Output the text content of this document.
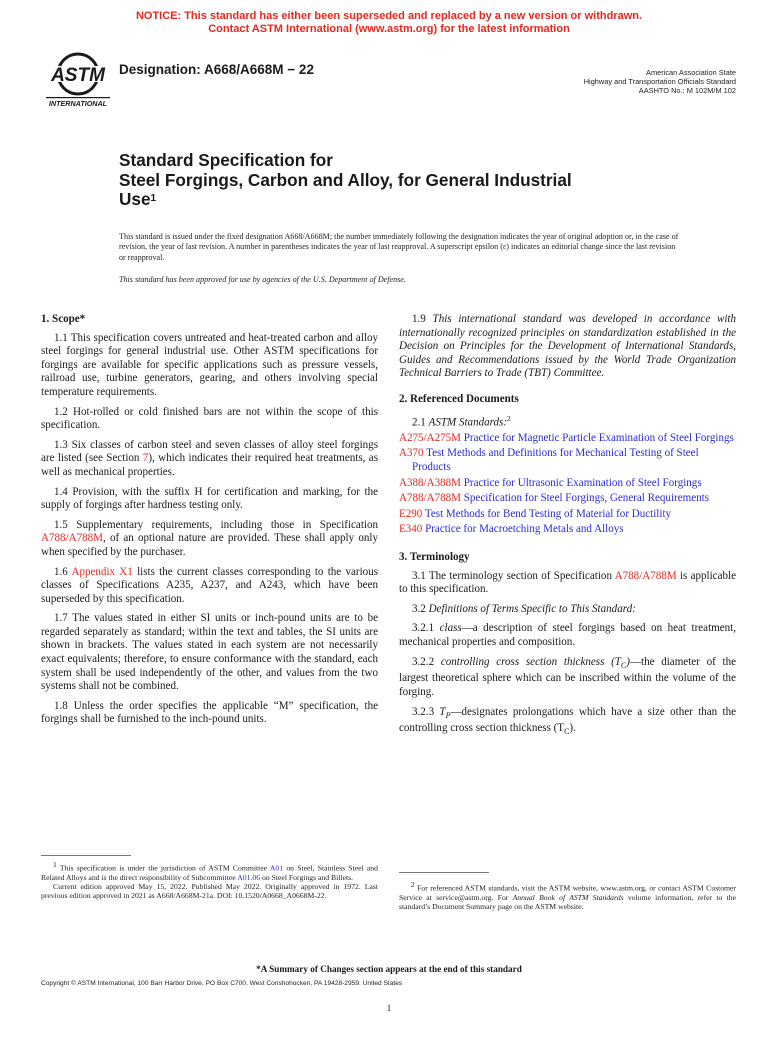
NOTICE: This standard has either been superseded and replaced by a new version or withdrawn.
Contact ASTM International (www.astm.org) for the latest information
ASTM
INTERNATIONAL
Designation: A668/A668M − 22	American Association State
Highway and Transportation Officials Standard
AASHTO No.: M 102M/M 102
Standard Specification for
Steel Forgings, Carbon and Alloy, for General Industrial
Use$^1$
This standard is issued under the fixed designation A668/A668M; the number immediately following the designation indicates the year of original adoption or, in the case of revision, the year of last revision. A number in parentheses indicates the year of last reapproval. A superscript epsilon (ε) indicates an editorial change since the last revision or reapproval.
This standard has been approved for use by agencies of the U.S. Department of Defense.
1. Scope*

1.1 This specification covers untreated and heat-treated carbon and alloy steel forgings for general industrial use. Other ASTM specifications for forgings are available for specific applications such as pressure vessels, railroad use, turbine generators, gearing, and others involving special temperature requirements.

1.2 Hot-rolled or cold finished bars are not within the scope of this specification.

1.3 Six classes of carbon steel and seven classes of alloy steel forgings are listed (see Section 7), which indicates their required heat treatments, as well as mechanical properties.

1.4 Provision, with the suffix H for certification and marking, for the supply of forgings after hardness testing only.

1.5 Supplementary requirements, including those in Specification A788/A788M, of an optional nature are provided. These shall apply only when specified by the purchaser.

1.6 Appendix X1 lists the current classes corresponding to the various classes of Specifications A235, A237, and A243, which have been superseded by this specification.

1.7 The values stated in either SI units or inch-pound units are to be regarded separately as standard; within the text and tables, the SI units are shown in brackets. The values stated in each system are not necessarily exact equivalents; therefore, to ensure conformance with the standard, each system shall be used independently of the other, and values from the two systems shall not be combined.

1.8 Unless the order specifies the applicable “M” specification, the forgings shall be furnished to the inch-pound units.

1.9 This international standard was developed in accordance with internationally recognized principles on standardization established in the Decision on Principles for the Development of International Standards, Guides and Recommendations issued by the World Trade Organization Technical Barriers to Trade (TBT) Committee.

2. Referenced Documents

2.1 ASTM Standards:$^2$

A275/A275M Practice for Magnetic Particle Examination of Steel Forgings
A370 Test Methods and Definitions for Mechanical Testing of Steel Products
A388/A388M Practice for Ultrasonic Examination of Steel Forgings
A788/A788M Specification for Steel Forgings, General Requirements
E290 Test Methods for Bend Testing of Material for Ductility
E340 Practice for Macroetching Metals and Alloys
3. Terminology

3.1 The terminology section of Specification A788/A788M is applicable to this specification.

3.2 Definitions of Terms Specific to This Standard:

3.2.1 class—a description of steel forgings based on heat treatment, mechanical properties and composition.

3.2.2 controlling cross section thickness $(T_C)—the$ diameter of the largest theoretical sphere which can be inscribed within the volume of the forging.

3.2.3 $T_P—designates$ prolongations which have a size other than the controlling cross section thickness $(T_C)$.

$^1$ This specification is under the jurisdiction of ASTM Committee A01 on Steel, Stainless Steel and Related Alloys and is the direct responsibility of Subcommittee A01.06 on Steel Forgings and Billets.

Current edition approved May 15, 2022. Published May 2022. Originally approved in 1972. Last previous edition approved in 2021 as A668/A668M-21a. DOI: 10.1520/A0668_A0668M-22.

$^2$ For referenced ASTM standards, visit the ASTM website, www.astm.org, or contact ASTM Customer Service at service@astm.org. For Annual Book of ASTM Standards volume information, refer to the standard’s Document Summary page on the ASTM website.

*A Summary of Changes section appears at the end of this standard
Copyright © ASTM International, 100 Barr Harbor Drive, PO Box C700, West Conshohocken, PA 19428-2959. United States
1
